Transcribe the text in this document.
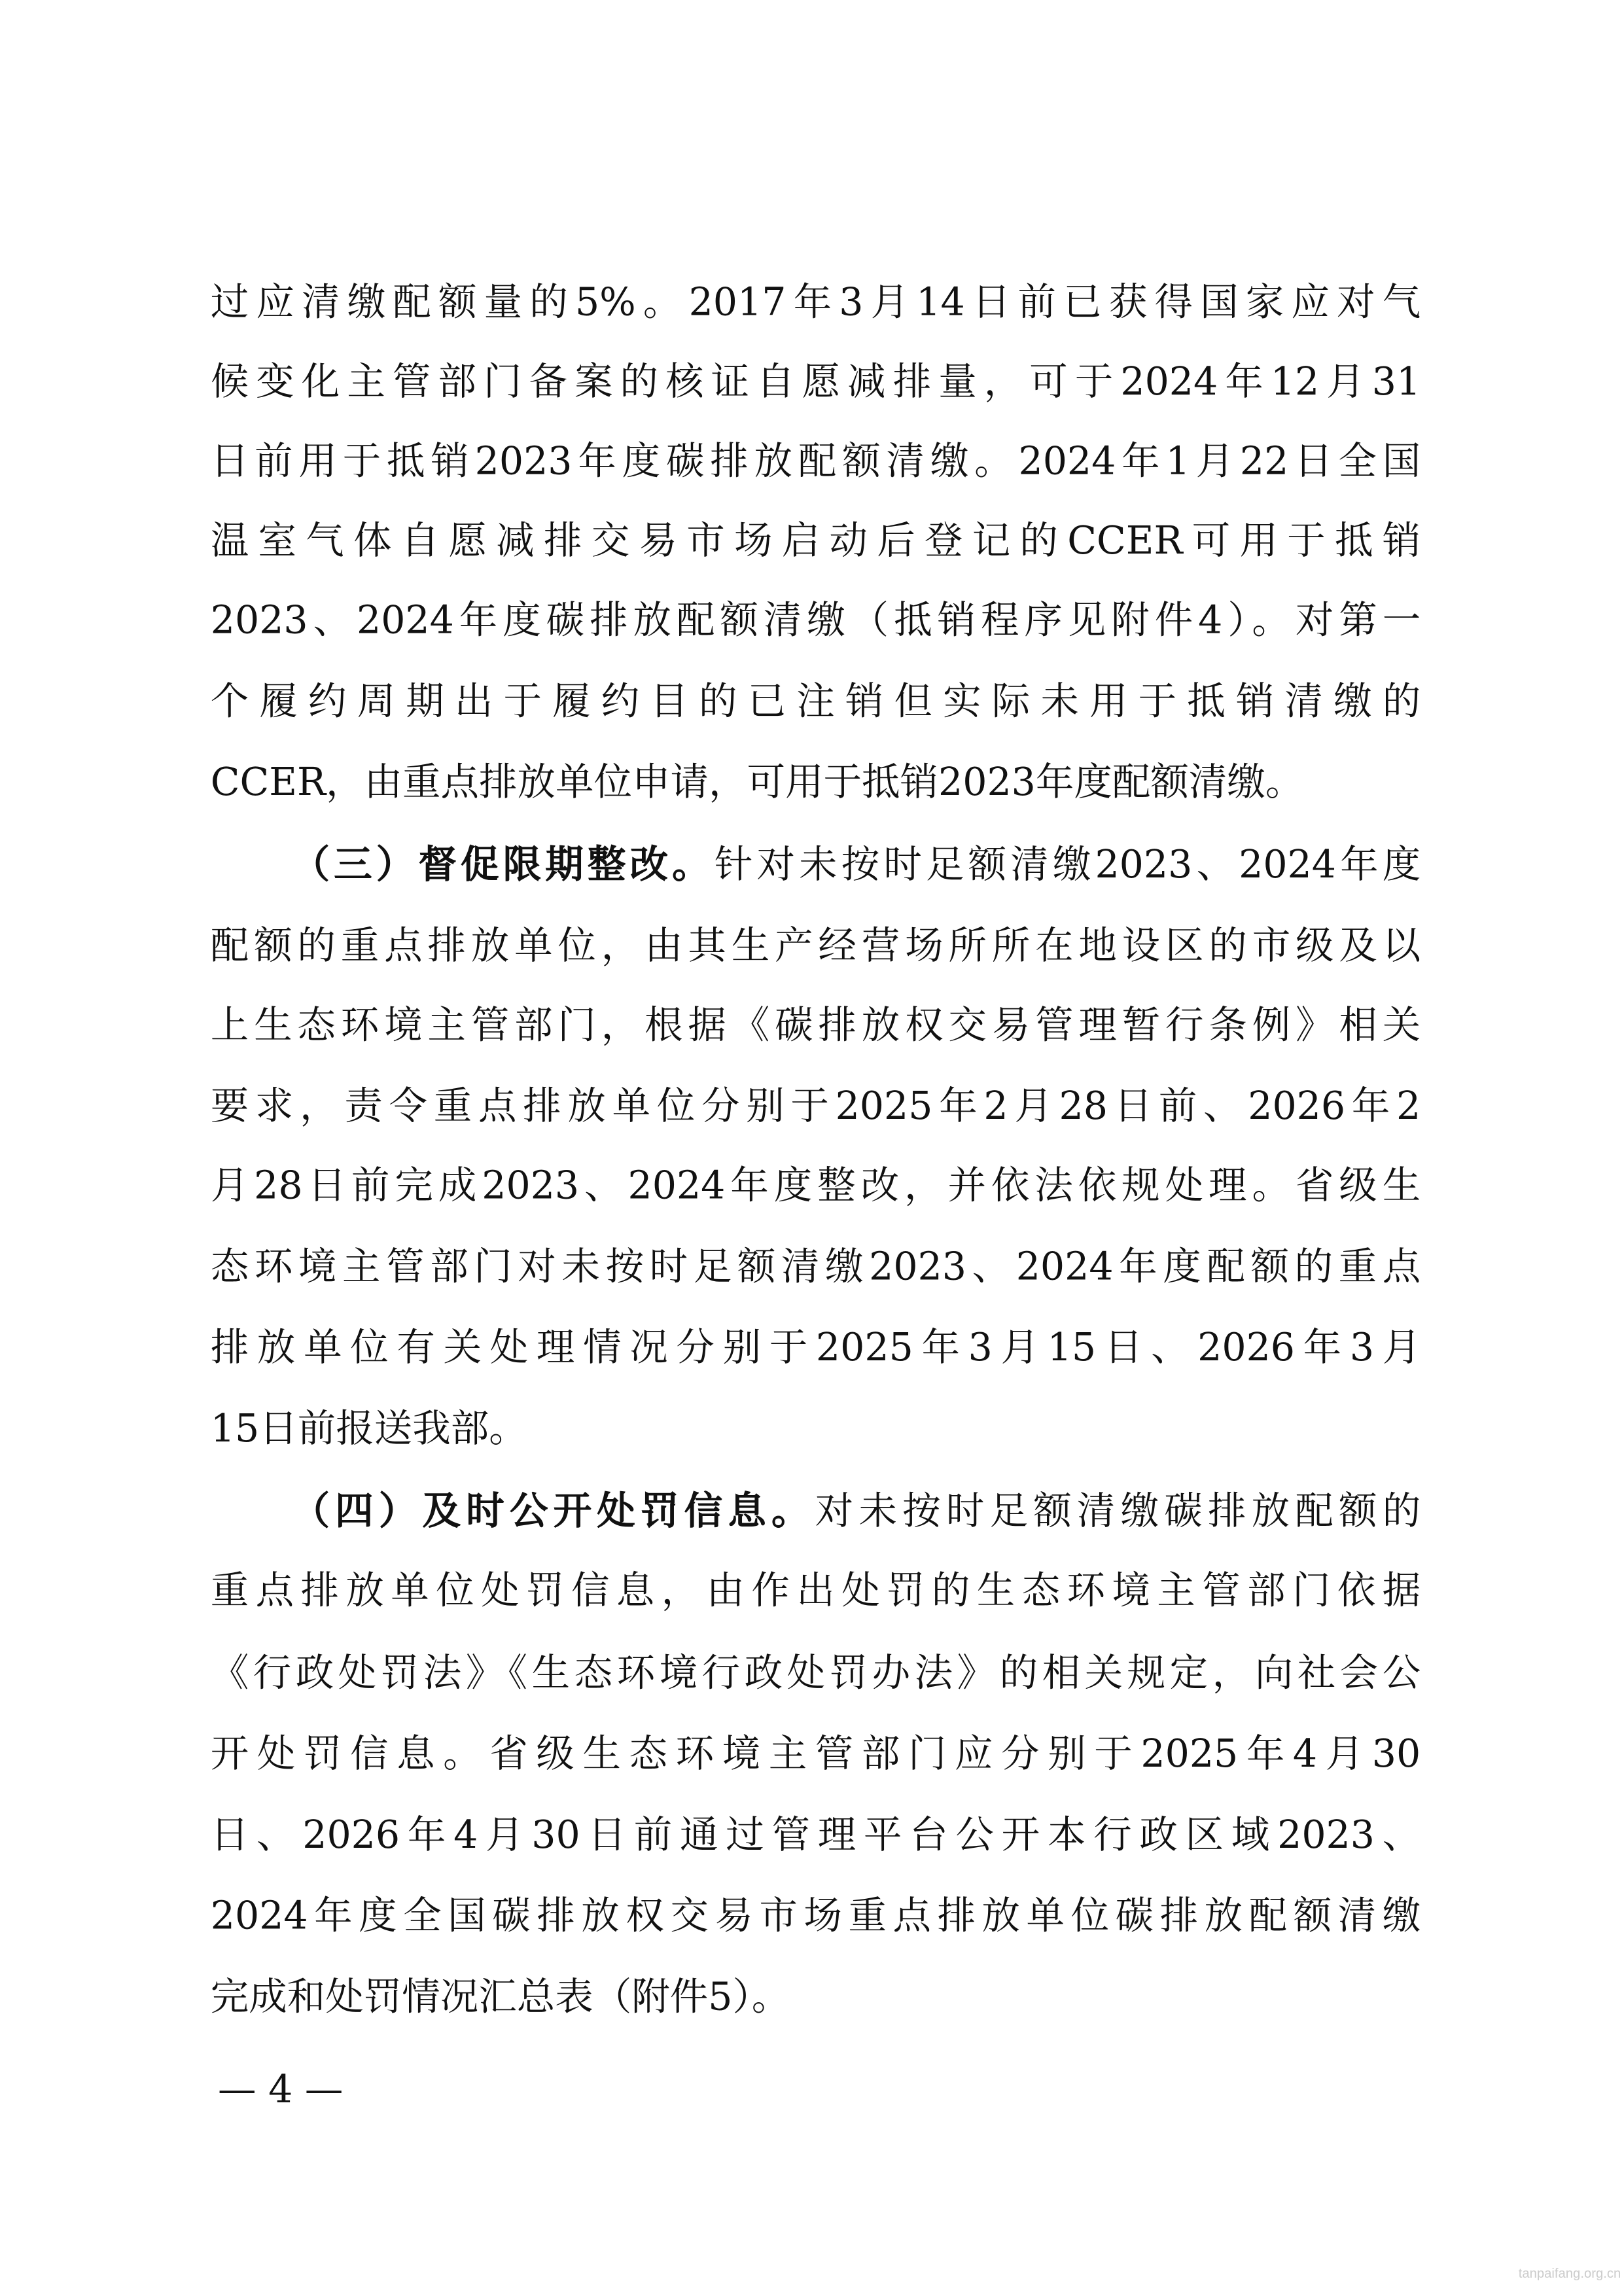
过应清缴配额量的5%。2017年3月14日前已获得国家应对气
候变化主管部门备案的核证自愿减排量，可于2024年12月31
日前用于抵销2023年度碳排放配额清缴。2024年1月22日全国
温室气体自愿减排交易市场启动后登记的CCER可用于抵销
2023、2024年度碳排放配额清缴（抵销程序见附件4）。对第一
个履约周期出于履约目的已注销但实际未用于抵销清缴的
CCER，由重点排放单位申请，可用于抵销2023年度配额清缴。
（三）督促限期整改。针对未按时足额清缴2023、2024年度
配额的重点排放单位，由其生产经营场所所在地设区的市级及以
上生态环境主管部门，根据《碳排放权交易管理暂行条例》相关
要求，责令重点排放单位分别于2025年2月28日前、2026年2
月28日前完成2023、2024年度整改，并依法依规处理。省级生
态环境主管部门对未按时足额清缴2023、2024年度配额的重点
排放单位有关处理情况分别于2025年3月15日、2026年3月
15日前报送我部。
（四）及时公开处罚信息。对未按时足额清缴碳排放配额的
重点排放单位处罚信息，由作出处罚的生态环境主管部门依据
《行政处罚法》《生态环境行政处罚办法》的相关规定，向社会公
开处罚信息。省级生态环境主管部门应分别于2025年4月30
日、2026年4月30日前通过管理平台公开本行政区域2023、
2024年度全国碳排放权交易市场重点排放单位碳排放配额清缴
完成和处罚情况汇总表（附件5）。
— 4 —
tanpaifang.org.cn
